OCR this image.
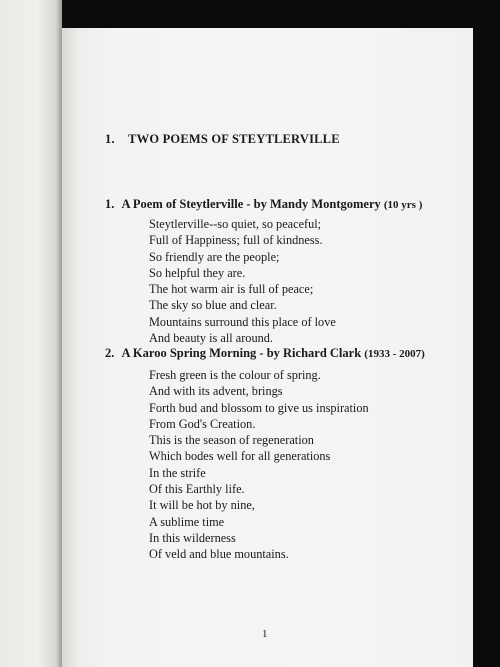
1. TWO POEMS OF STEYTLERVILLE
1. A Poem of Steytlerville - by Mandy Montgomery (10 yrs )
Steytlerville--so quiet, so peaceful;
Full of Happiness; full of kindness.
So friendly are the people;
So helpful they are.
The hot warm air is full of peace;
The sky so blue and clear.
Mountains surround this place of love
And beauty is all around.
2. A Karoo Spring Morning - by Richard Clark (1933 - 2007)
Fresh green is the colour of spring.
And with its advent, brings
Forth bud and blossom to give us inspiration
From God's Creation.
This is the season of regeneration
Which bodes well for all generations
In the strife
Of this Earthly life.
It will be hot by nine,
A sublime time
In this wilderness
Of veld and blue mountains.
1
